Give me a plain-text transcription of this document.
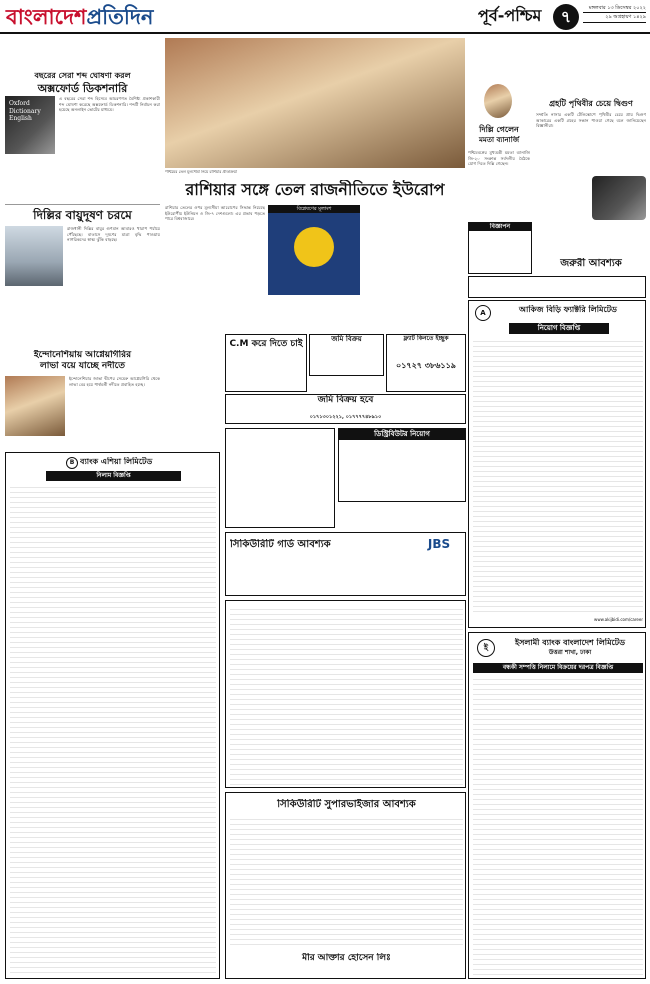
বাংলাদেশপ্রতিদিন	পূর্ব-পশ্চিম	৭	মঙ্গলবার ১৩ ডিসেম্বর ২০২২
২৯ অগ্রহায়ণ ১৪২৯
বছরের সেরা শব্দ ঘোষণা করল
অক্সফোর্ড ডিকশনারি
Oxford Dictionary English
এ বছরের সেরা শব্দ হিসেবে আচরণগত বৈশিষ্ট্য প্রকাশকারী শব্দ ঘোষণা করেছে অক্সফোর্ড ডিকশনারি। শব্দটি নির্বাচন করা হয়েছে অনলাইন ভোটের মাধ্যমে।
দিল্লির বায়ুদূষণ চরমে
রাজধানী দিল্লির বায়ুর গুণমান আবারও খারাপ পর্যায়ে পৌঁছেছে। বাতাসে দূষণের মাত্রা বৃদ্ধি পাওয়ায় নাগরিকদের স্বাস্থ্য ঝুঁকি বাড়ছে।
ইন্দোনেশিয়ায় আগ্নেয়গিরির
লাভা বয়ে যাচ্ছে নদীতে
ইন্দোনেশিয়ার জাভা দ্বীপের সেমেরু আগ্নেয়গিরি থেকে লাভা বের হয়ে পার্শ্ববর্তী নদীতে প্রবাহিত হচ্ছে।
পশ্চিমের তেল মূল্যসীমা নিয়ে রাশিয়ার প্রতিক্রিয়া
রাশিয়ার সঙ্গে তেল রাজনীতিতে ইউরোপ
রাশিয়ার তেলের ওপর মূল্যসীমা আরোপের সিদ্ধান্ত নিয়েছে ইউরোপীয় ইউনিয়ন ও জি-৭ দেশগুলো। এর প্রভাব পড়তে পারে বিশ্ববাজারে।
বিশ্লেষণের মূলাংশ
C.M করে দিতে চাই	জমি বিক্রয়	ফ্ল্যাট কিনতে ইচ্ছুক
০১৭২৭ ৩৮৬১১৯
জমি বিক্রয় হবে
০১৭১৩০১২২১, ০১৭৭৭৭৪৮৯১০
দিল্লি গেলেন
মমতা ব্যানার্জি
পশ্চিমবঙ্গের মুখ্যমন্ত্রী মমতা ব্যানার্জি জি-২০ সংক্রান্ত সর্বদলীয় বৈঠকে যোগ দিতে দিল্লি গেছেন।
গ্রহটি পৃথিবীর চেয়ে দ্বিগুণ
সম্প্রতি নাসার একটি টেলিস্কোপে পৃথিবীর চেয়ে প্রায় দ্বিগুণ আকারের একটি গ্রহের সন্ধান পাওয়া গেছে বলে জানিয়েছেন বিজ্ঞানীরা।
বিজ্ঞাপন
জরুরী আবশ্যক
A	আকিজ বিড়ি ফ্যাক্টরি লিমিটেড
নিয়োগ বিজ্ঞপ্তি
www.akijbidi.com/career
ই
ইসলামী ব্যাংক বাংলাদেশ লিমিটেড
উত্তরা শাখা, ঢাকা
বন্ধকী সম্পত্তি নিলামে বিক্রয়ের দরপত্র বিজ্ঞপ্তি
B ব্যাংক এশিয়া লিমিটেড
নিলাম বিজ্ঞপ্তি
ডিস্ট্রিবিউটর নিয়োগ
সিকিউরিটি গার্ড আবশ্যক	JBS
সিকিউরিটি সুপারভাইজার আবশ্যক
মীর আক্তার হোসেন লিঃ
